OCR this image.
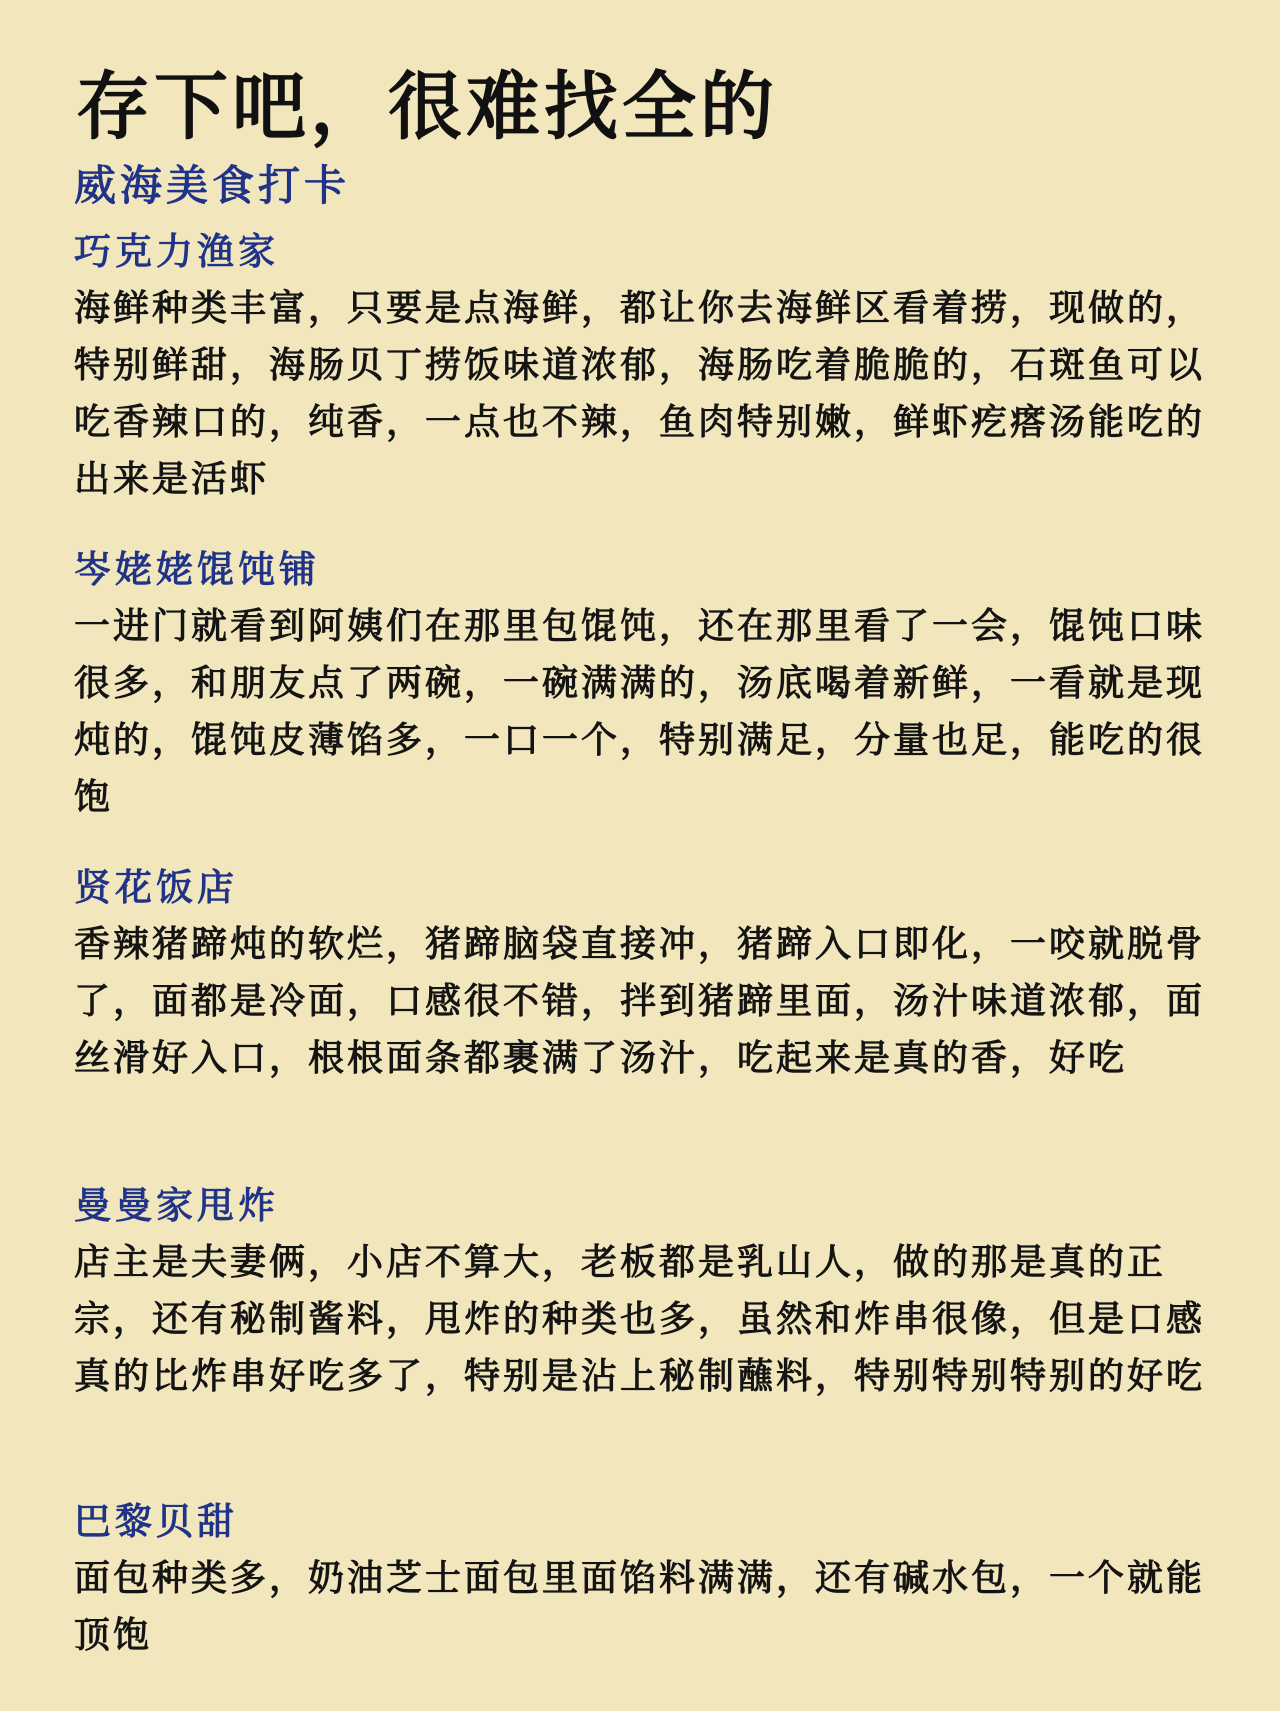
存下吧，很难找全的
威海美食打卡
巧克力渔家

海鲜种类丰富，只要是点海鲜，都让你去海鲜区看着捞，现做的，特别鲜甜，海肠贝丁捞饭味道浓郁，海肠吃着脆脆的，石斑鱼可以吃香辣口的，纯香，一点也不辣，鱼肉特别嫩，鲜虾疙瘩汤能吃的出来是活虾

岑姥姥馄饨铺

一进门就看到阿姨们在那里包馄饨，还在那里看了一会，馄饨口味很多，和朋友点了两碗，一碗满满的，汤底喝着新鲜，一看就是现炖的，馄饨皮薄馅多，一口一个，特别满足，分量也足，能吃的很饱

贤花饭店

香辣猪蹄炖的软烂，猪蹄脑袋直接冲，猪蹄入口即化，一咬就脱骨了，面都是冷面，口感很不错，拌到猪蹄里面，汤汁味道浓郁，面丝滑好入口，根根面条都裹满了汤汁，吃起来是真的香，好吃

曼曼家甩炸

店主是夫妻俩，小店不算大，老板都是乳山人，做的那是真的正宗，还有秘制酱料，甩炸的种类也多，虽然和炸串很像，但是口感真的比炸串好吃多了，特别是沾上秘制蘸料，特别特别特别的好吃

巴黎贝甜

面包种类多，奶油芝士面包里面馅料满满，还有碱水包，一个就能顶饱
